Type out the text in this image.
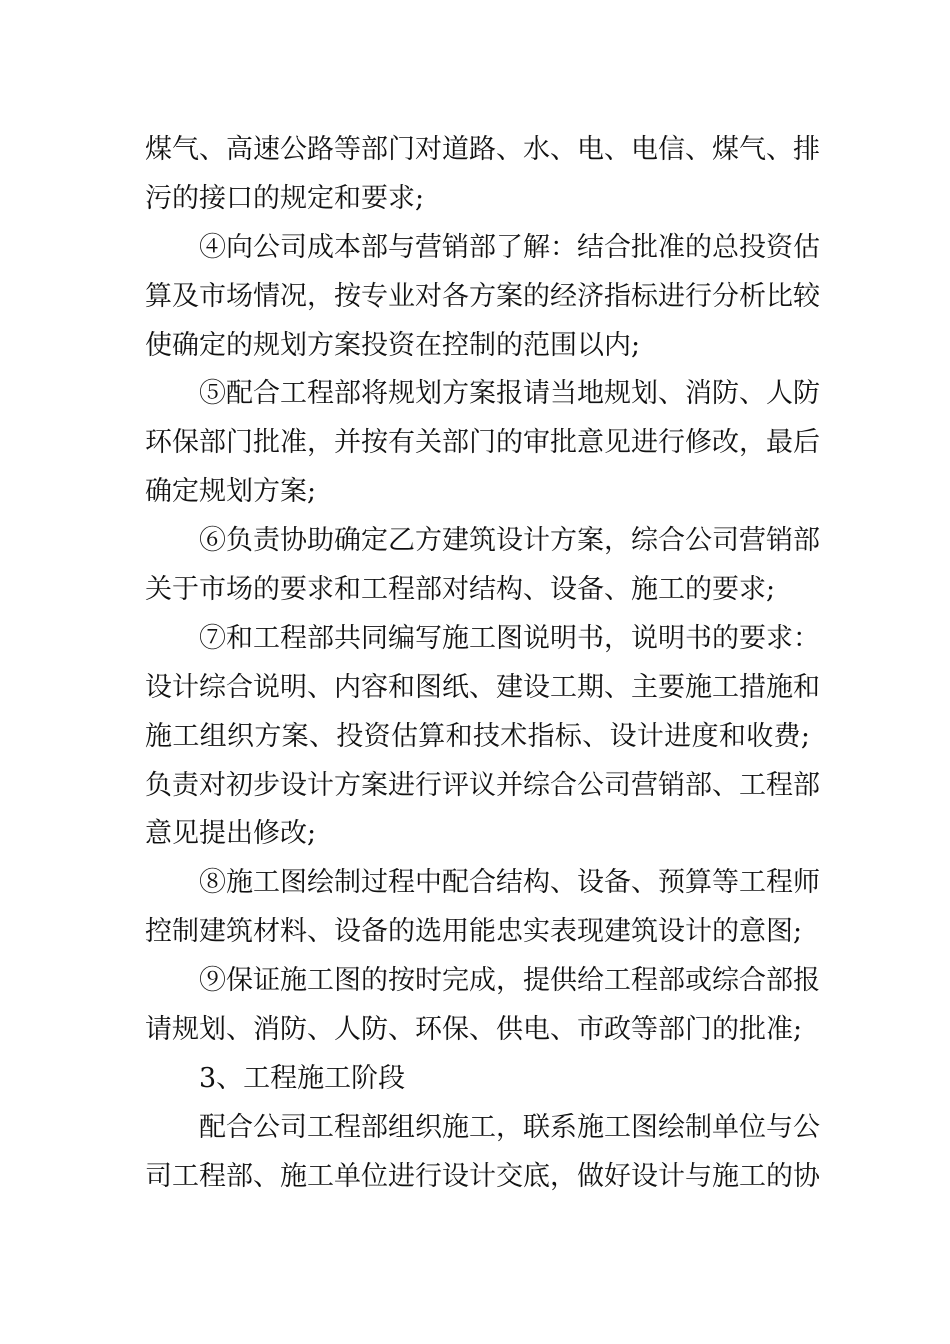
煤气、高速公路等部门对道路、水、电、电信、煤气、排
污的接口的规定和要求;
④向公司成本部与营销部了解：结合批准的总投资估
算及市场情况，按专业对各方案的经济指标进行分析比较
使确定的规划方案投资在控制的范围以内;
⑤配合工程部将规划方案报请当地规划、消防、人防
环保部门批准，并按有关部门的审批意见进行修改，最后
确定规划方案;
⑥负责协助确定乙方建筑设计方案，综合公司营销部
关于市场的要求和工程部对结构、设备、施工的要求;
⑦和工程部共同编写施工图说明书，说明书的要求：
设计综合说明、内容和图纸、建设工期、主要施工措施和
施工组织方案、投资估算和技术指标、设计进度和收费;
负责对初步设计方案进行评议并综合公司营销部、工程部
意见提出修改;
⑧施工图绘制过程中配合结构、设备、预算等工程师
控制建筑材料、设备的选用能忠实表现建筑设计的意图;
⑨保证施工图的按时完成，提供给工程部或综合部报
请规划、消防、人防、环保、供电、市政等部门的批准;
3、工程施工阶段
配合公司工程部组织施工，联系施工图绘制单位与公
司工程部、施工单位进行设计交底，做好设计与施工的协
